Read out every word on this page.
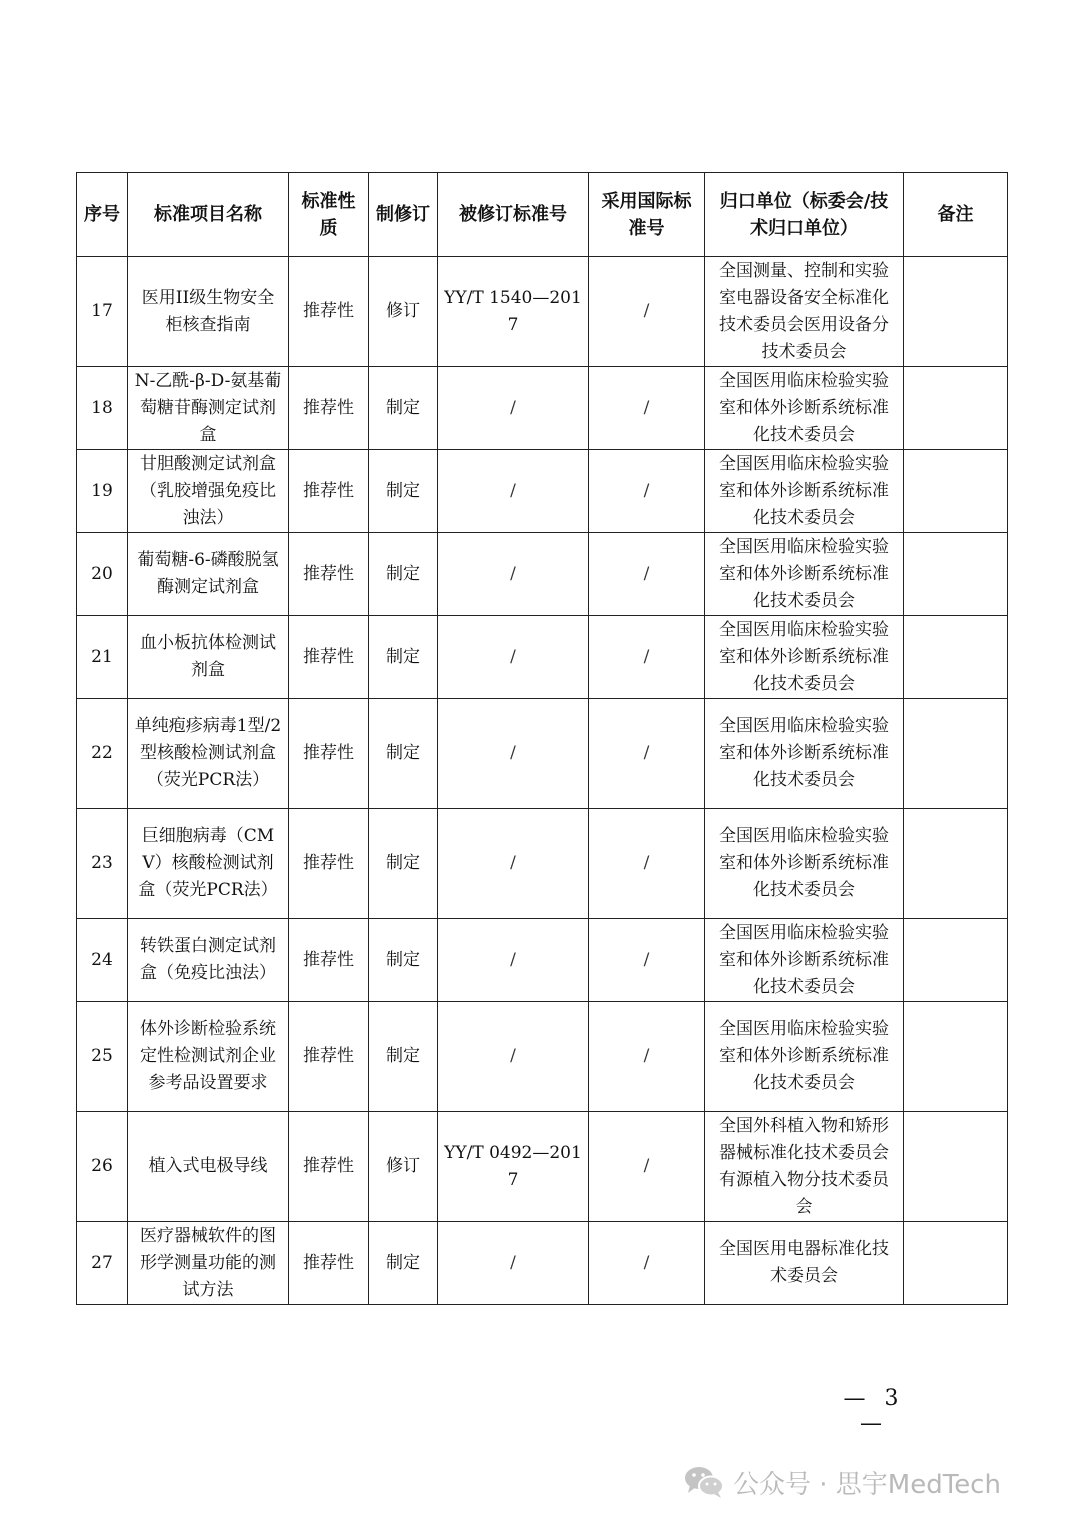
序号	标准项目名称	标准性质	制修订	被修订标准号	采用国际标准号	归口单位（标委会/技术归口单位）	备注
17	医用II级生物安全柜核查指南	推荐性	修订	YY/T 1540—2017	/	全国测量、控制和实验室电器设备安全标准化技术委员会医用设备分技术委员会	
18	N-乙酰-β-D-氨基葡萄糖苷酶测定试剂盒	推荐性	制定	/	/	全国医用临床检验实验室和体外诊断系统标准化技术委员会	
19	甘胆酸测定试剂盒（乳胶增强免疫比浊法）	推荐性	制定	/	/	全国医用临床检验实验室和体外诊断系统标准化技术委员会	
20	葡萄糖-6-磷酸脱氢酶测定试剂盒	推荐性	制定	/	/	全国医用临床检验实验室和体外诊断系统标准化技术委员会	
21	血小板抗体检测试剂盒	推荐性	制定	/	/	全国医用临床检验实验室和体外诊断系统标准化技术委员会	
22	单纯疱疹病毒1型/2型核酸检测试剂盒（荧光PCR法）	推荐性	制定	/	/	全国医用临床检验实验室和体外诊断系统标准化技术委员会	
23	巨细胞病毒（CMV）核酸检测试剂盒（荧光PCR法）	推荐性	制定	/	/	全国医用临床检验实验室和体外诊断系统标准化技术委员会	
24	转铁蛋白测定试剂盒（免疫比浊法）	推荐性	制定	/	/	全国医用临床检验实验室和体外诊断系统标准化技术委员会	
25	体外诊断检验系统 定性检测试剂企业参考品设置要求	推荐性	制定	/	/	全国医用临床检验实验室和体外诊断系统标准化技术委员会	
26	植入式电极导线	推荐性	修订	YY/T 0492—2017	/	全国外科植入物和矫形器械标准化技术委员会有源植入物分技术委员会	
27	医疗器械软件的图形学测量功能的测试方法	推荐性	制定	/	/	全国医用电器标准化技术委员会	
— 3 —
公众号 · 思宇MedTech
